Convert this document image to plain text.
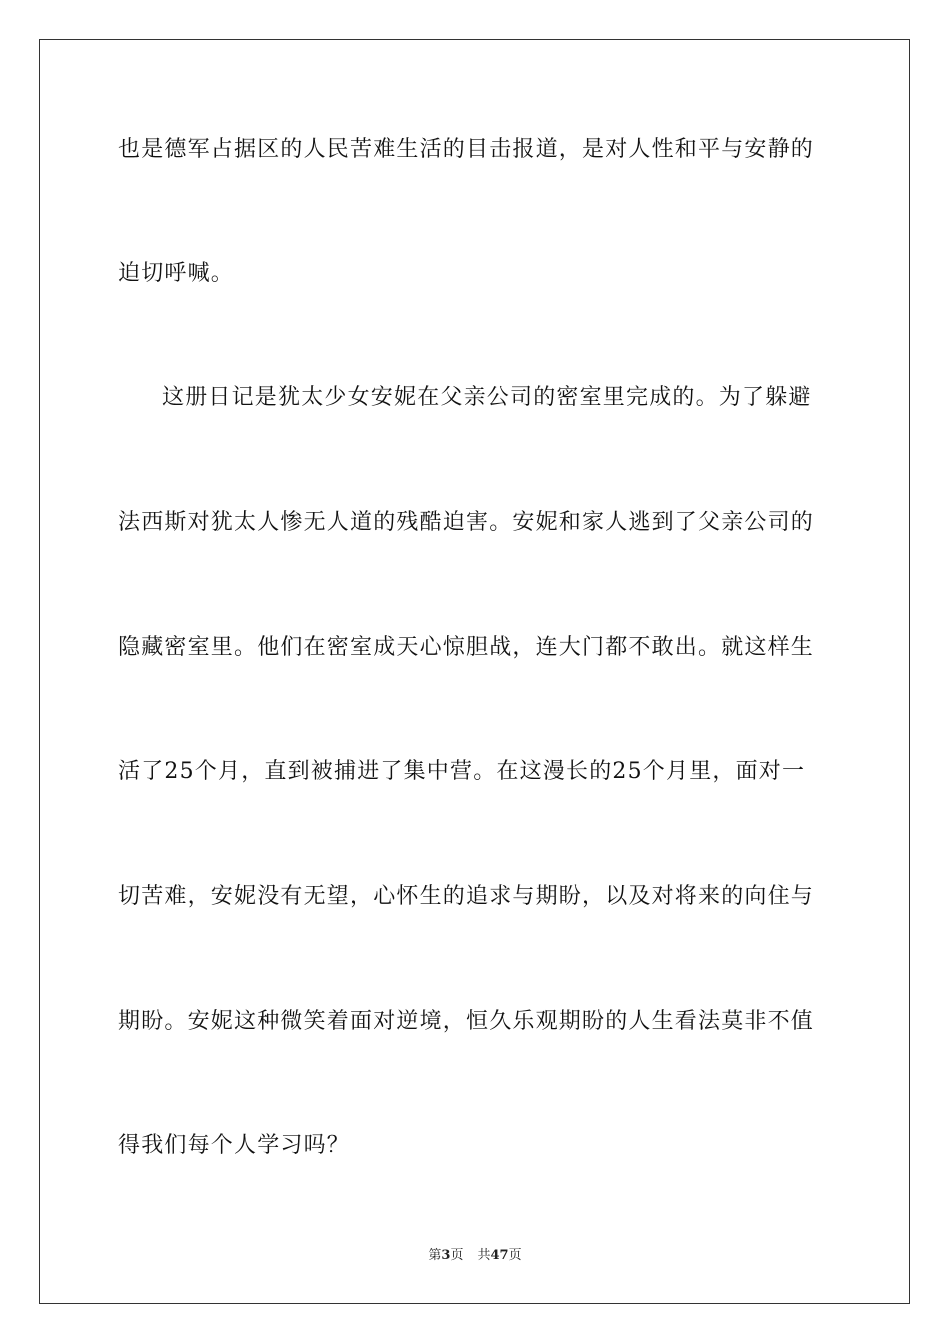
也是德军占据区的人民苦难生活的目击报道，是对人性和平与安静的
迫切呼喊。
这册日记是犹太少女安妮在父亲公司的密室里完成的。为了躲避
法西斯对犹太人惨无人道的残酷迫害。安妮和家人逃到了父亲公司的
隐藏密室里。他们在密室成天心惊胆战，连大门都不敢出。就这样生
活了25个月，直到被捕进了集中营。在这漫长的25个月里，面对一
切苦难，安妮没有无望，心怀生的追求与期盼，以及对将来的向住与
期盼。安妮这种微笑着面对逆境，恒久乐观期盼的人生看法莫非不值
得我们每个人学习吗？
第3页 共47页
